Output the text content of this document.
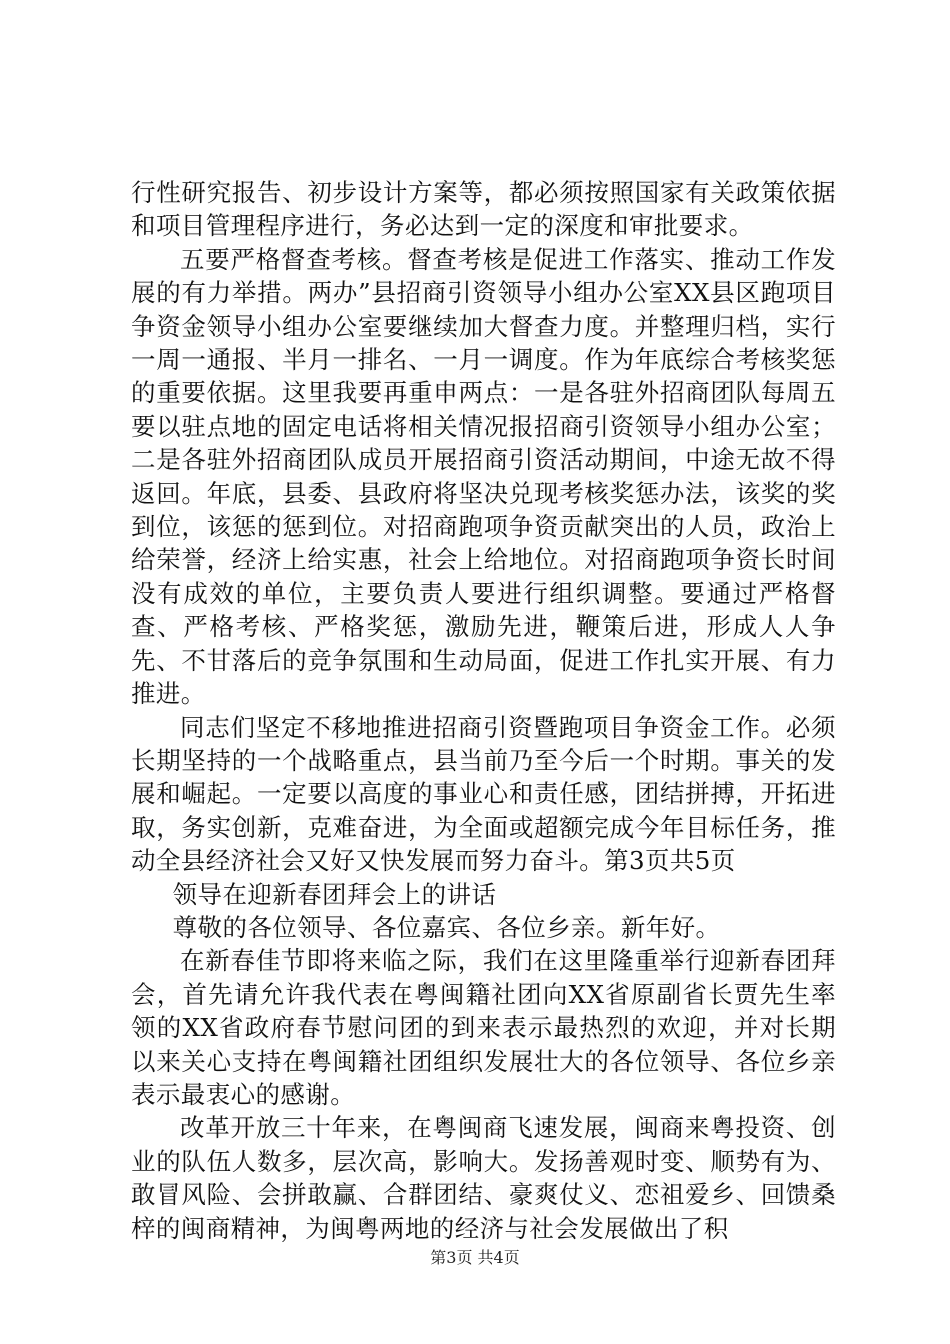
行性研究报告、初步设计方案等，都必须按照国家有关政策依据和项目管理程序进行，务必达到一定的深度和审批要求。

五要严格督查考核。督查考核是促进工作落实、推动工作发展的有力举措。两办”县招商引资领导小组办公室XX县区跑项目争资金领导小组办公室要继续加大督查力度。并整理归档，实行一周一通报、半月一排名、一月一调度。作为年底综合考核奖惩的重要依据。这里我要再重申两点：一是各驻外招商团队每周五要以驻点地的固定电话将相关情况报招商引资领导小组办公室；二是各驻外招商团队成员开展招商引资活动期间，中途无故不得返回。年底，县委、县政府将坚决兑现考核奖惩办法，该奖的奖到位，该惩的惩到位。对招商跑项争资贡献突出的人员，政治上给荣誉，经济上给实惠，社会上给地位。对招商跑项争资长时间没有成效的单位，主要负责人要进行组织调整。要通过严格督查、严格考核、严格奖惩，激励先进，鞭策后进，形成人人争先、不甘落后的竞争氛围和生动局面，促进工作扎实开展、有力推进。

同志们坚定不移地推进招商引资暨跑项目争资金工作。必须长期坚持的一个战略重点，县当前乃至今后一个时期。事关的发展和崛起。一定要以高度的事业心和责任感，团结拼搏，开拓进取，务实创新，克难奋进，为全面或超额完成今年目标任务，推动全县经济社会又好又快发展而努力奋斗。第3页共5页

领导在迎新春团拜会上的讲话

尊敬的各位领导、各位嘉宾、各位乡亲。新年好。

在新春佳节即将来临之际，我们在这里隆重举行迎新春团拜会，首先请允许我代表在粤闽籍社团向XX省原副省长贾先生率领的XX省政府春节慰问团的到来表示最热烈的欢迎，并对长期以来关心支持在粤闽籍社团组织发展壮大的各位领导、各位乡亲表示最衷心的感谢。

改革开放三十年来，在粤闽商飞速发展，闽商来粤投资、创业的队伍人数多，层次高，影响大。发扬善观时变、顺势有为、敢冒风险、会拼敢赢、合群团结、豪爽仗义、恋祖爱乡、回馈桑梓的闽商精神，为闽粤两地的经济与社会发展做出了积

第3页 共4页
